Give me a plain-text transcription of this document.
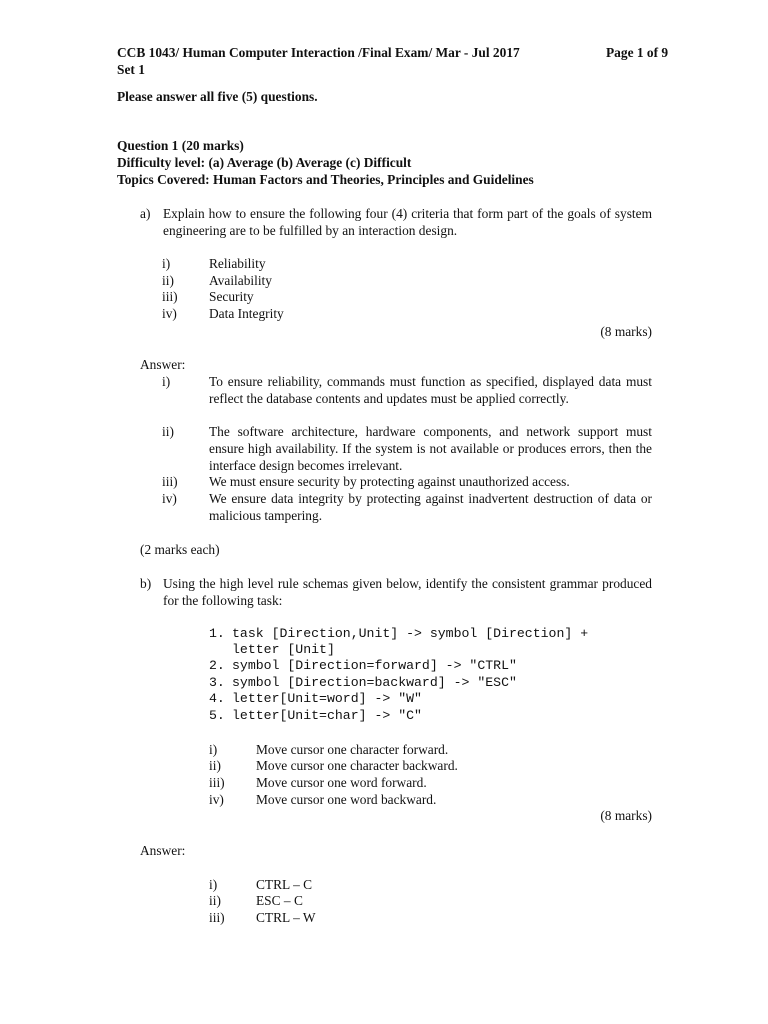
CCB 1043/ Human Computer Interaction /Final Exam/ Mar - Jul 2017	Page 1 of 9
Set 1
Please answer all five (5) questions.
Question 1 (20 marks)
Difficulty level: (a) Average (b) Average (c) Difficult
Topics Covered: Human Factors and Theories, Principles and Guidelines
a) Explain how to ensure the following four (4) criteria that form part of the goals of system engineering are to be fulfilled by an interaction design.
i)	Reliability
ii)	Availability
iii) Security
iv) Data Integrity
(8 marks)
Answer:
i)	To ensure reliability, commands must function as specified, displayed data must reflect the database contents and updates must be applied correctly.
ii)	The software architecture, hardware components, and network support must ensure high availability. If the system is not available or produces errors, then the interface design becomes irrelevant.
iii) We must ensure security by protecting against unauthorized access.
iv) We ensure data integrity by protecting against inadvertent destruction of data or malicious tampering.
(2 marks each)
b) Using the high level rule schemas given below, identify the consistent grammar produced for the following task:
1. task [Direction,Unit] -> symbol [Direction] +
letter [Unit]
2. symbol [Direction=forward] -> "CTRL"
3. symbol [Direction=backward] -> "ESC"
4. letter[Unit=word] -> "W"
5. letter[Unit=char] -> "C"
i)	Move cursor one character forward.
ii)	Move cursor one character backward.
iii) Move cursor one word forward.
iv) Move cursor one word backward.
(8 marks)
Answer:
i)	CTRL – C
ii)	ESC – C
iii) CTRL – W
